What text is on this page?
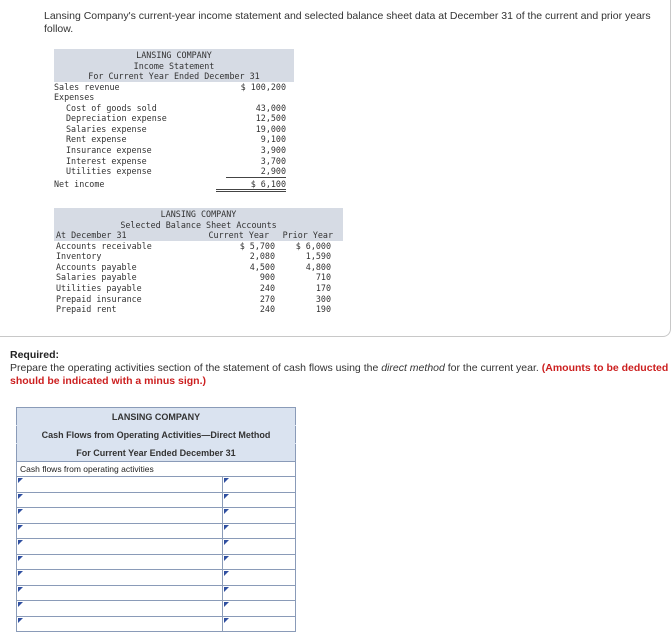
Lansing Company's current-year income statement and selected balance sheet data at December 31 of the current and prior years follow.
LANSING COMPANY
Income Statement
For Current Year Ended December 31
Sales revenue	$ 100,200
Expenses
Cost of goods sold	43,000
Depreciation expense	12,500
Salaries expense	19,000
Rent expense	9,100
Insurance expense	3,900
Interest expense	3,700
Utilities expense	2,900
Net income	$ 6,100
LANSING COMPANY
Selected Balance Sheet Accounts
At December 31	Current Year Prior Year
Accounts receivable	$ 5,700 $ 6,000
Inventory	2,080	1,590
Accounts payable	4,500	4,800
Salaries payable	900	710
Utilities payable	240	170
Prepaid insurance	270	300
Prepaid rent	240	190
Required:
Prepare the operating activities section of the statement of cash flows using the direct method for the current year. (Amounts to be deducted should be indicated with a minus sign.)
LANSING COMPANY	
Cash Flows from Operating Activities—Direct Method	
For Current Year Ended December 31	
Cash flows from operating activities	
